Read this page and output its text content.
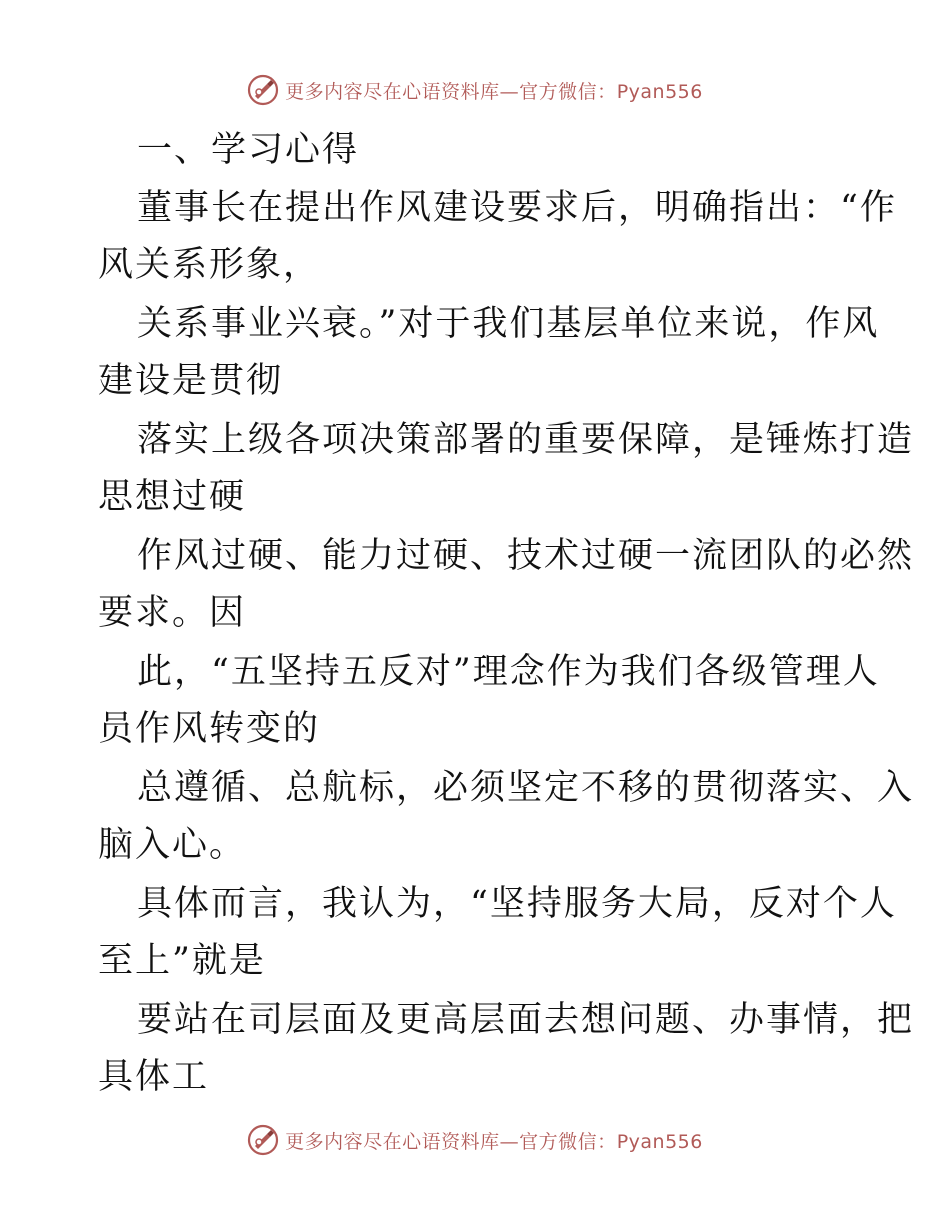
更多内容尽在心语资料库—官方微信：Pyan556
一、学习心得
董事长在提出作风建设要求后，明确指出：“作
风关系形象，
关系事业兴衰。”对于我们基层单位来说，作风
建设是贯彻
落实上级各项决策部署的重要保障，是锤炼打造
思想过硬
作风过硬、能力过硬、技术过硬一流团队的必然
要求。因
此，“五坚持五反对”理念作为我们各级管理人
员作风转变的
总遵循、总航标，必须坚定不移的贯彻落实、入
脑入心。
具体而言，我认为，“坚持服务大局，反对个人
至上”就是
要站在司层面及更高层面去想问题、办事情，把
具体工
更多内容尽在心语资料库—官方微信：Pyan556
